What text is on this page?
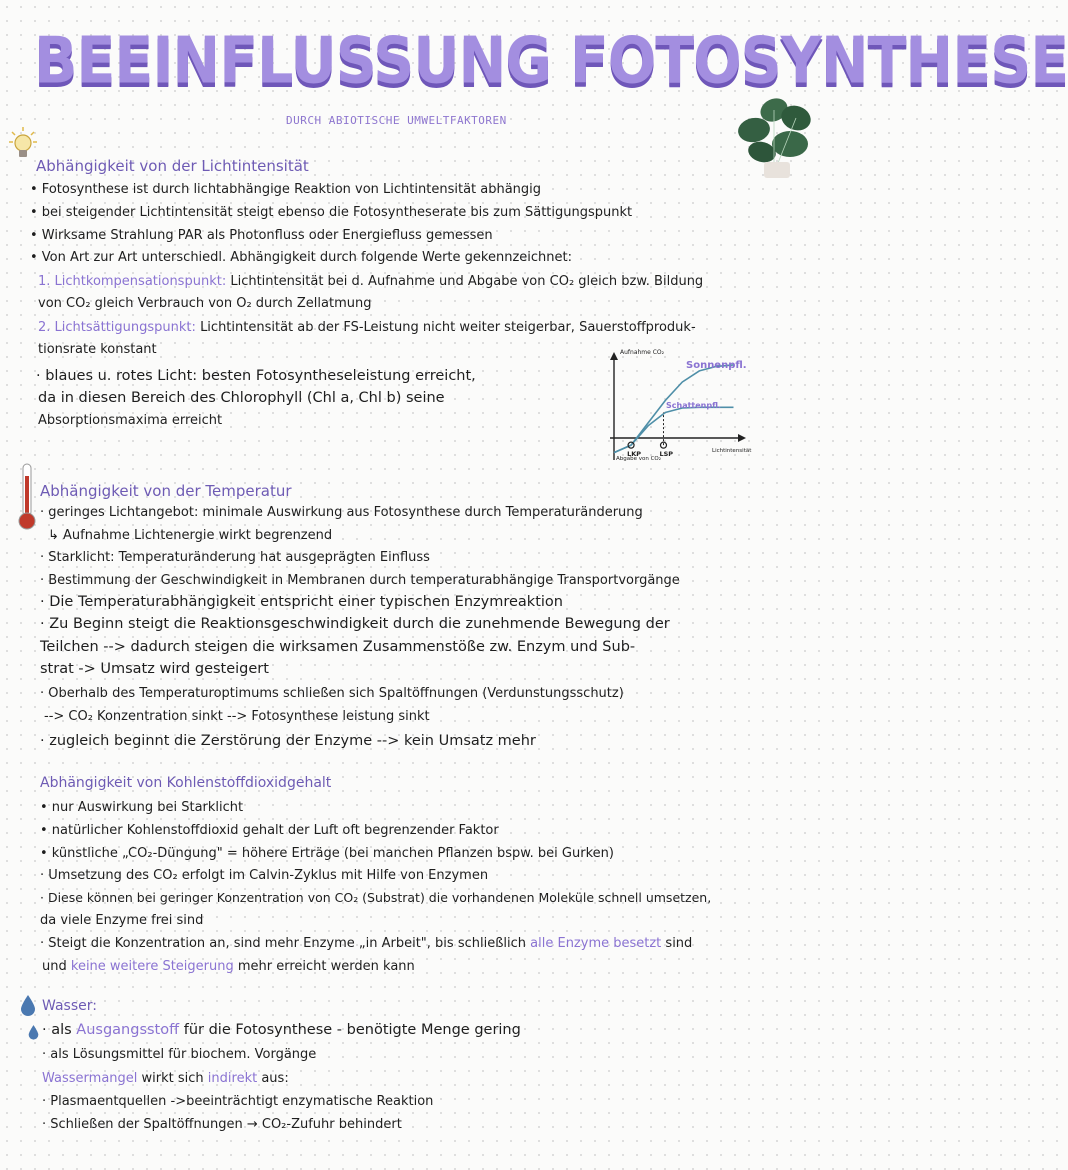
BEEINFLUSSUNG FOTOSYNTHESE
DURCH ABIOTISCHE UMWELTFAKTOREN
Abhängigkeit von der Lichtintensität
• Fotosynthese ist durch lichtabhängige Reaktion von Lichtintensität abhängig
• bei steigender Lichtintensität steigt ebenso die Fotosyntheserate bis zum Sättigungspunkt
• Wirksame Strahlung PAR als Photonfluss oder Energiefluss gemessen
• Von Art zur Art unterschiedl. Abhängigkeit durch folgende Werte gekennzeichnet:
1. Lichtkompensationspunkt: Lichtintensität bei d. Aufnahme und Abgabe von CO₂ gleich bzw. Bildung
von CO₂ gleich Verbrauch von O₂ durch Zellatmung
2. Lichtsättigungspunkt: Lichtintensität ab der FS-Leistung nicht weiter steigerbar, Sauerstoffproduk-
tionsrate konstant
· blaues u. rotes Licht: besten Fotosyntheseleistung erreicht,
da in diesen Bereich des Chlorophyll (Chl a, Chl b) seine
Absorptionsmaxima erreicht
Aufnahme CO₂
Abgabe von CO₂
Lichtintensität
Sonnenpfl.
Schattenpfl.
LKP	LSP
Abhängigkeit von der Temperatur
· geringes Lichtangebot: minimale Auswirkung aus Fotosynthese durch Temperaturänderung
↳ Aufnahme Lichtenergie wirkt begrenzend
· Starklicht: Temperaturänderung hat ausgeprägten Einfluss
· Bestimmung der Geschwindigkeit in Membranen durch temperaturabhängige Transportvorgänge
· Die Temperaturabhängigkeit entspricht einer typischen Enzymreaktion
· Zu Beginn steigt die Reaktionsgeschwindigkeit durch die zunehmende Bewegung der
Teilchen --> dadurch steigen die wirksamen Zusammenstöße zw. Enzym und Sub-
strat -> Umsatz wird gesteigert
· Oberhalb des Temperaturoptimums schließen sich Spaltöffnungen (Verdunstungsschutz)
--> CO₂ Konzentration sinkt --> Fotosynthese leistung sinkt
· zugleich beginnt die Zerstörung der Enzyme --> kein Umsatz mehr
Abhängigkeit von Kohlenstoffdioxidgehalt
• nur Auswirkung bei Starklicht
• natürlicher Kohlenstoffdioxid gehalt der Luft oft begrenzender Faktor
• künstliche „CO₂-Düngung" = höhere Erträge (bei manchen Pflanzen bspw. bei Gurken)
· Umsetzung des CO₂ erfolgt im Calvin-Zyklus mit Hilfe von Enzymen
· Diese können bei geringer Konzentration von CO₂ (Substrat) die vorhandenen Moleküle schnell umsetzen,
da viele Enzyme frei sind
· Steigt die Konzentration an, sind mehr Enzyme „in Arbeit", bis schließlich alle Enzyme besetzt sind
und keine weitere Steigerung mehr erreicht werden kann
Wasser:
· als Ausgangsstoff für die Fotosynthese - benötigte Menge gering
· als Lösungsmittel für biochem. Vorgänge
Wassermangel wirkt sich indirekt aus:
· Plasmaentquellen ->beeinträchtigt enzymatische Reaktion
· Schließen der Spaltöffnungen → CO₂-Zufuhr behindert
